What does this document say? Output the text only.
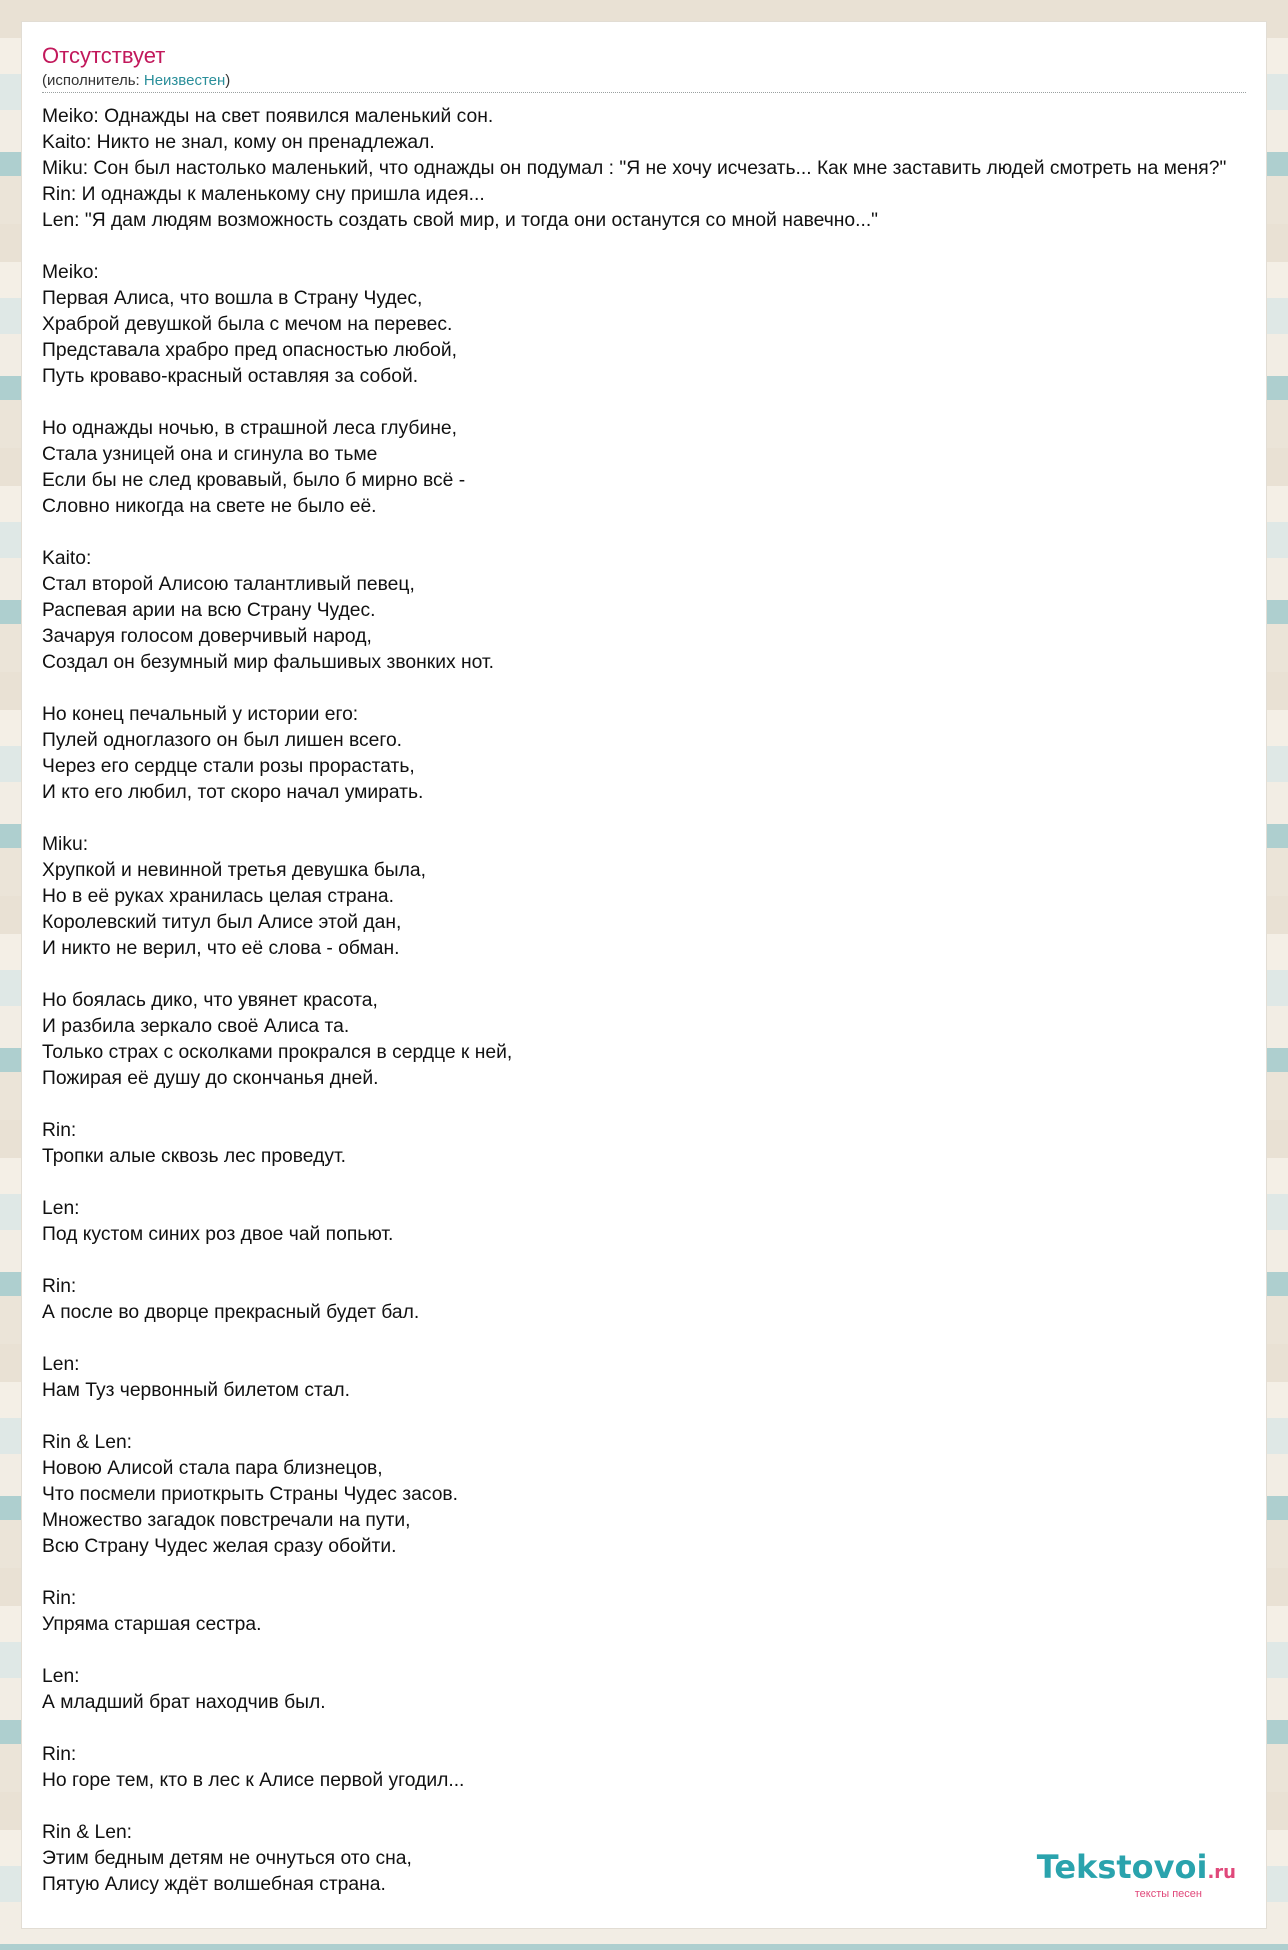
Отсутствует
(исполнитель: Неизвестен)
Meiko: Однажды на свет появился маленький сон.
Kaito: Никто не знал, кому он пренадлежал.
Miku: Сон был настолько маленький, что однажды он подумал : "Я не хочу исчезать... Как мне заставить людей смотреть на меня?"
Rin: И однажды к маленькому сну пришла идея...
Len: "Я дам людям возможность создать свой мир, и тогда они останутся со мной навечно..."

Meiko:
Первая Алиса, что вошла в Страну Чудес,
Храброй девушкой была с мечом на перевес.
Представала храбро пред опасностью любой,
Путь кроваво-красный оставляя за собой.

Но однажды ночью, в страшной леса глубине,
Стала узницей она и сгинула во тьме
Если бы не след кровавый, было б мирно всё -
Словно никогда на свете не было её.

Kaito:
Стал второй Алисою талантливый певец,
Распевая арии на всю Страну Чудес.
Зачаруя голосом доверчивый народ,
Создал он безумный мир фальшивых звонких нот.

Но конец печальный у истории его:
Пулей одноглазого он был лишен всего.
Через его сердце стали розы прорастать,
И кто его любил, тот скоро начал умирать.

Miku:
Хрупкой и невинной третья девушка была,
Но в её руках хранилась целая страна.
Королевский титул был Алисе этой дан,
И никто не верил, что её слова - обман.

Но боялась дико, что увянет красота,
И разбила зеркало своё Алиса та.
Только страх с осколками прокрался в сердце к ней,
Пожирая её душу до скончанья дней.

Rin:
Тропки алые сквозь лес проведут.

Len:
Под кустом синих роз двое чай попьют.

Rin:
А после во дворце прекрасный будет бал.

Len:
Нам Туз червонный билетом стал.

Rin & Len:
Новою Алисой стала пара близнецов,
Что посмели приоткрыть Страны Чудес засов.
Множество загадок повстречали на пути,
Всю Страну Чудес желая сразу обойти.

Rin:
Упряма старшая сестра.

Len:
А младший брат находчив был.

Rin:
Но горе тем, кто в лес к Алисе первой угодил...

Rin & Len:
Этим бедным детям не очнуться ото сна,
Пятую Алису ждёт волшебная страна.	Tekstovoi.ru
тексты песен
